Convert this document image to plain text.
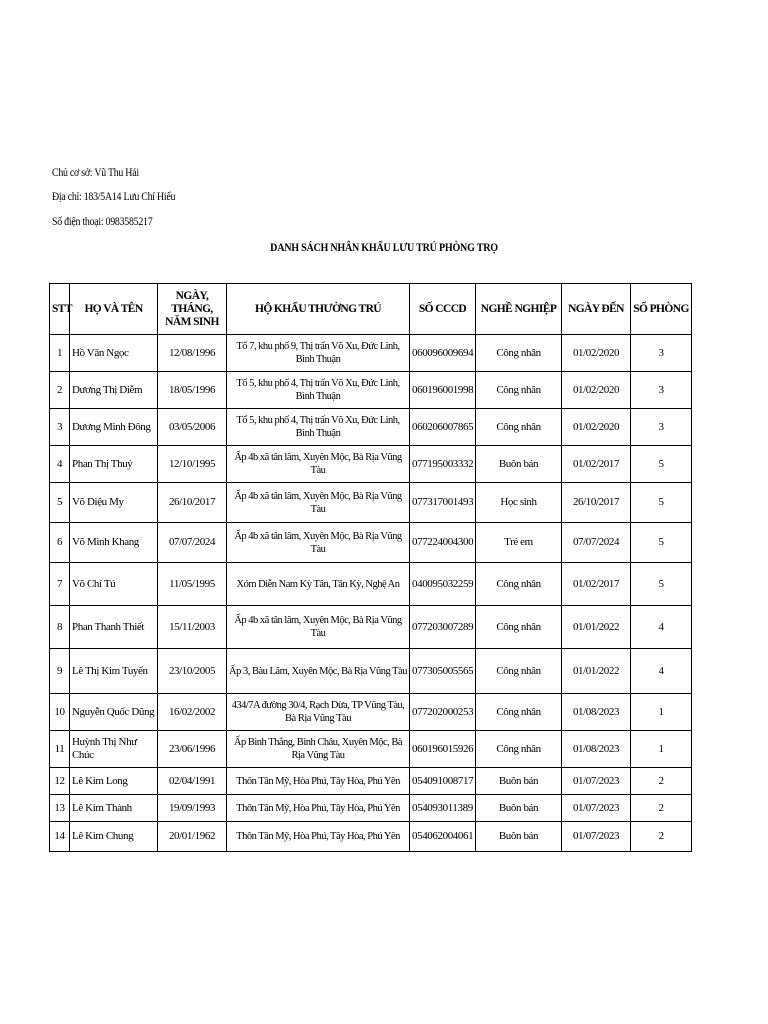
Chủ cơ sở: Vũ Thu Hải
Địa chỉ: 183/5A14 Lưu Chí Hiếu
Số điện thoại: 0983585217
DANH SÁCH NHÂN KHẨU LƯU TRÚ PHÒNG TRỌ
STT	HỌ VÀ TÊN	NGÀY, THÁNG, NĂM SINH	HỘ KHẨU THƯỜNG TRÚ	SỐ CCCD	NGHỀ NGHIỆP	NGÀY ĐẾN	SỐ PHÒNG
1	Hồ Văn Ngọc	12/08/1996	Tổ 7, khu phố 9, Thị trấn Võ Xu, Đức Linh, Bình Thuận	060096009694	Công nhân	01/02/2020	3
2	Dương Thị Diễm	18/05/1996	Tổ 5, khu phố 4, Thị trấn Võ Xu, Đức Linh, Bình Thuận	060196001998	Công nhân	01/02/2020	3
3	Dương Minh Đông	03/05/2006	Tổ 5, khu phố 4, Thị trấn Võ Xu, Đức Linh, Bình Thuận	060206007865	Công nhân	01/02/2020	3
4	Phan Thị Thuý	12/10/1995	Ấp 4b xã tân lâm, Xuyên Mộc, Bà Rịa Vũng Tàu	077195003332	Buôn bán	01/02/2017	5
5	Võ Diệu My	26/10/2017	Ấp 4b xã tân lâm, Xuyên Mộc, Bà Rịa Vũng Tàu	077317001493	Học sinh	26/10/2017	5
6	Võ Minh Khang	07/07/2024	Ấp 4b xã tân lâm, Xuyên Mộc, Bà Rịa Vũng Tàu	077224004300	Trẻ em	07/07/2024	5
7	Võ Chí Tú	11/05/1995	Xóm Diễn Nam Kỳ Tân, Tân Kỳ, Nghệ An	040095032259	Công nhân	01/02/2017	5
8	Phan Thanh Thiết	15/11/2003	Ấp 4b xã tân lâm, Xuyên Mộc, Bà Rịa Vũng Tàu	077203007289	Công nhân	01/01/2022	4
9	Lê Thị Kim Tuyến	23/10/2005	Ấp 3, Bàu Lâm, Xuyên Mộc, Bà Rịa Vũng Tàu	077305005565	Công nhân	01/01/2022	4
10	Nguyễn Quốc Dũng	16/02/2002	434/7A đường 30/4, Rạch Dừa, TP Vũng Tàu, Bà Rịa Vũng Tàu	077202000253	Công nhân	01/08/2023	1
11	Huỳnh Thị Như Chúc	23/06/1996	Ấp Bình Thắng, Bình Châu, Xuyên Mộc, Bà Rịa Vũng Tàu	060196015926	Công nhân	01/08/2023	1
12	Lê Kim Long	02/04/1991	Thôn Tân Mỹ, Hòa Phú, Tây Hòa, Phú Yên	054091008717	Buôn bán	01/07/2023	2
13	Lê Kim Thành	19/09/1993	Thôn Tân Mỹ, Hòa Phú, Tây Hòa, Phú Yên	054093011389	Buôn bán	01/07/2023	2
14	Lê Kim Chung	20/01/1962	Thôn Tân Mỹ, Hòa Phú, Tây Hòa, Phú Yên	054062004061	Buôn bán	01/07/2023	2
